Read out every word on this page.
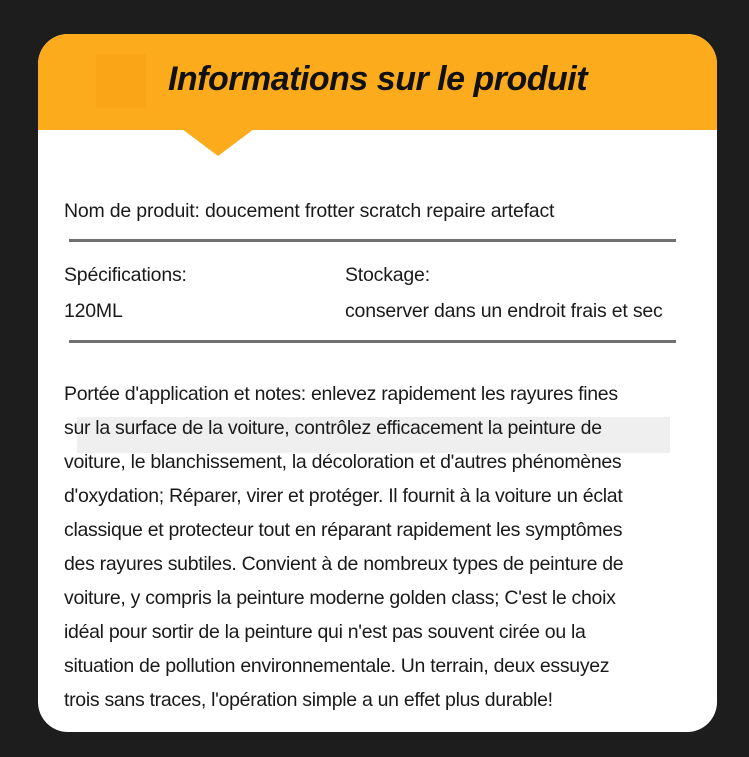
Informations sur le produit
Nom de produit: doucement frotter scratch repaire artefact
Spécifications:
120ML
Stockage:
conserver dans un endroit frais et sec
Portée d'application et notes: enlevez rapidement les rayures fines
sur la surface de la voiture, contrôlez efficacement la peinture de
voiture, le blanchissement, la décoloration et d'autres phénomènes
d'oxydation; Réparer, virer et protéger. Il fournit à la voiture un éclat
classique et protecteur tout en réparant rapidement les symptômes
des rayures subtiles. Convient à de nombreux types de peinture de
voiture, y compris la peinture moderne golden class; C'est le choix
idéal pour sortir de la peinture qui n'est pas souvent cirée ou la
situation de pollution environnementale. Un terrain, deux essuyez
trois sans traces, l'opération simple a un effet plus durable!
